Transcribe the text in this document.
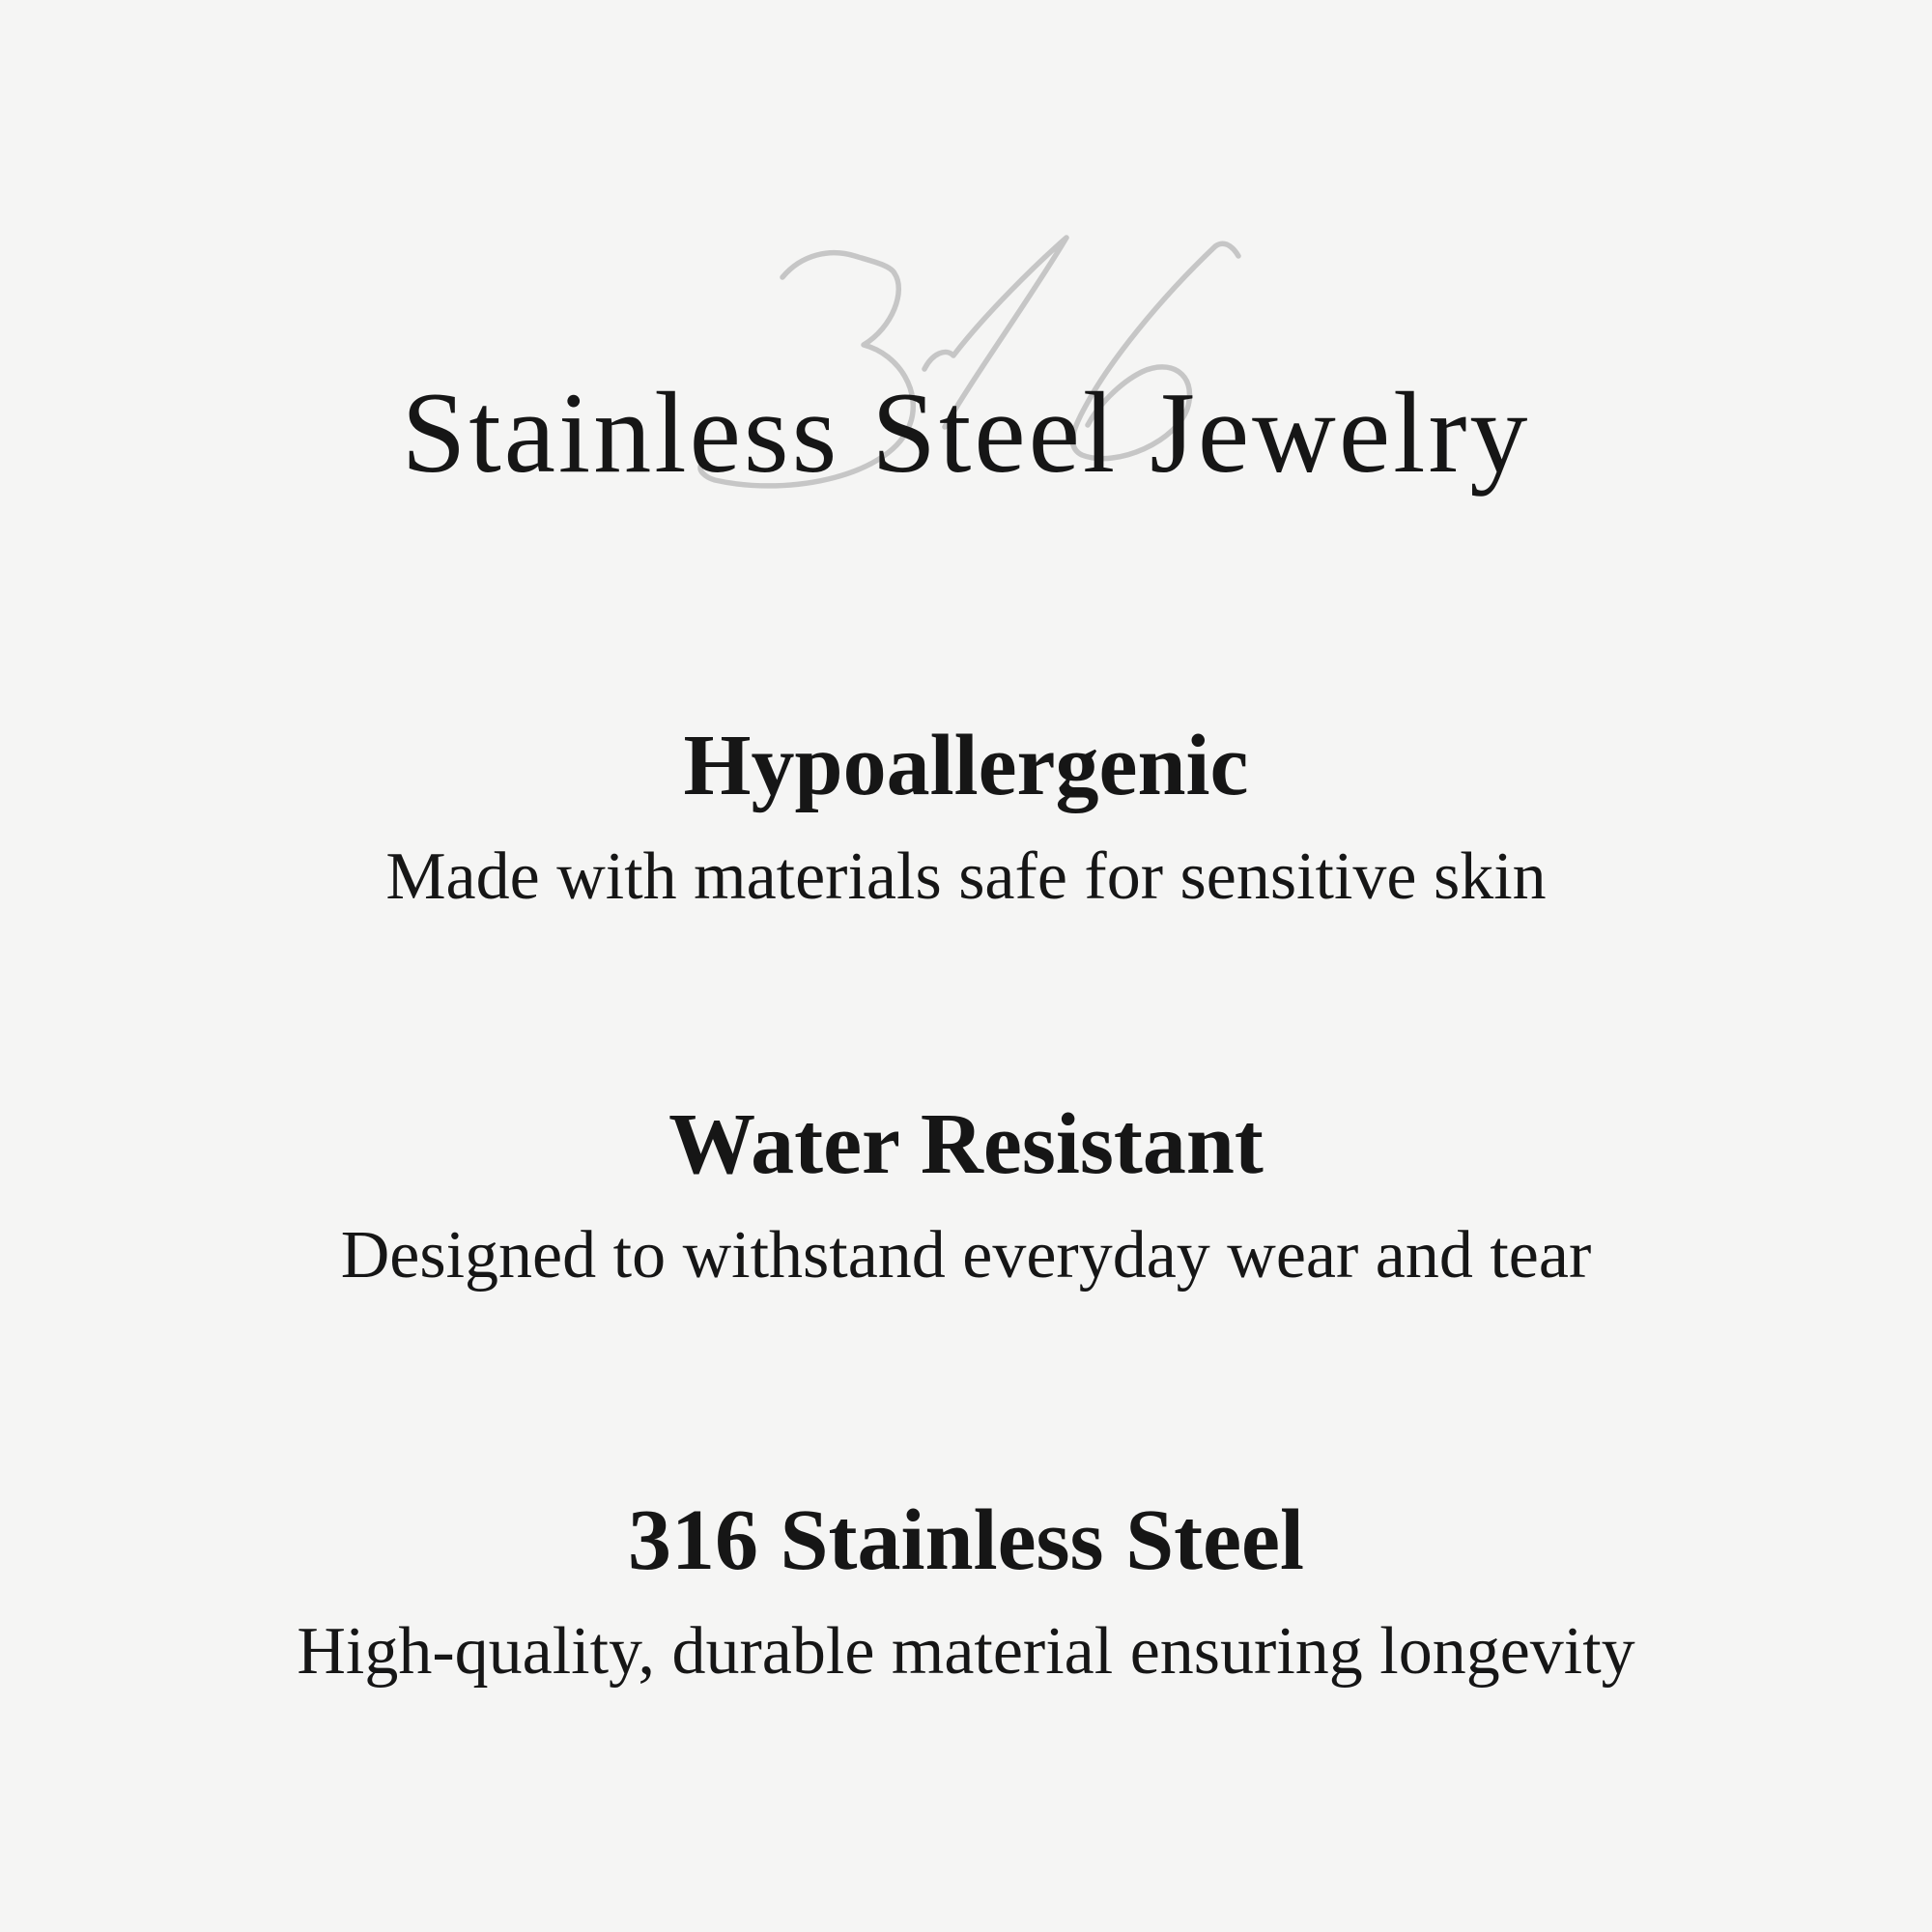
Stainless Steel Jewelry
Hypoallergenic

Made with materials safe for sensitive skin

Water Resistant

Designed to withstand everyday wear and tear

316 Stainless Steel

High-quality, durable material ensuring longevity
